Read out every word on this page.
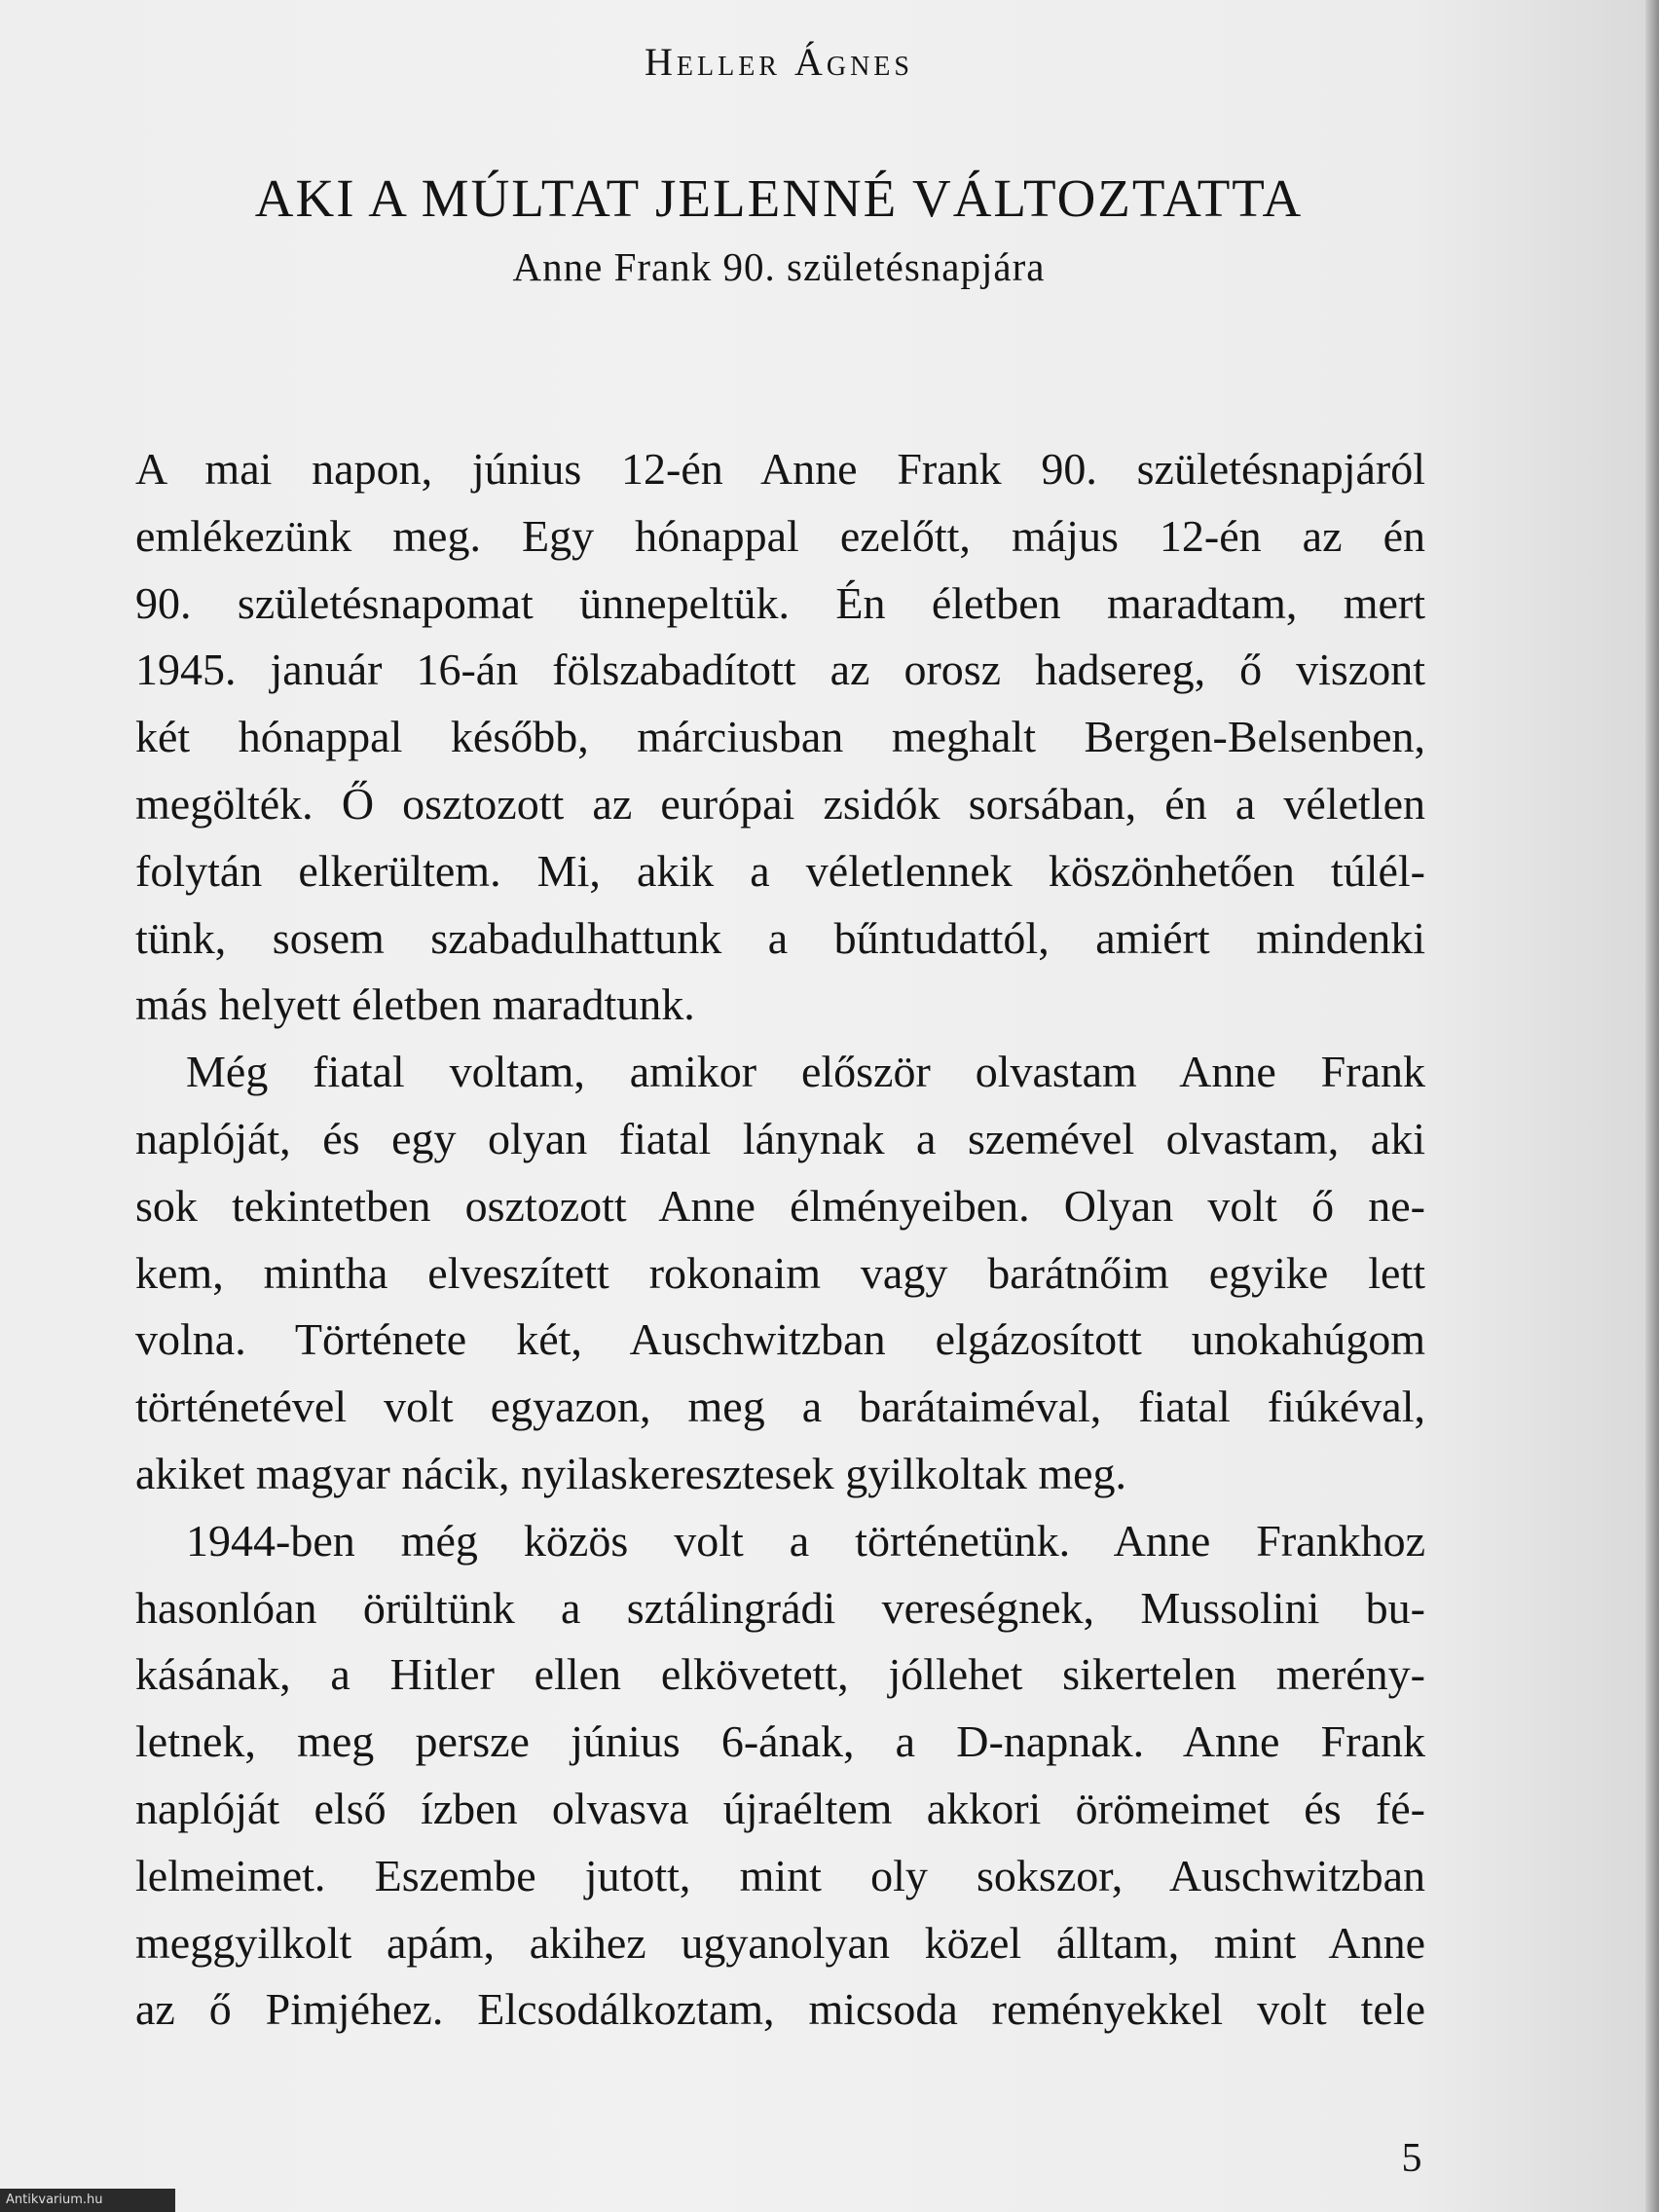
Heller Ágnes
AKI A MÚLTAT JELENNÉ VÁLTOZTATTA
Anne Frank 90. születésnapjára
A mai napon, június 12-én Anne Frank 90. születésnapjáról
emlékezünk meg. Egy hónappal ezelőtt, május 12-én az én
90. születésnapomat ünnepeltük. Én életben maradtam, mert
1945. január 16-án fölszabadított az orosz hadsereg, ő viszont
két hónappal később, márciusban meghalt Bergen-Belsenben,
megölték. Ő osztozott az európai zsidók sorsában, én a véletlen
folytán elkerültem. Mi, akik a véletlennek köszönhetően túlél-
tünk, sosem szabadulhattunk a bűntudattól, amiért mindenki
más helyett életben maradtunk.
Még fiatal voltam, amikor először olvastam Anne Frank
naplóját, és egy olyan fiatal lánynak a szemével olvastam, aki
sok tekintetben osztozott Anne élményeiben. Olyan volt ő ne-
kem, mintha elveszített rokonaim vagy barátnőim egyike lett
volna. Története két, Auschwitzban elgázosított unokahúgom
történetével volt egyazon, meg a barátaiméval, fiatal fiúkéval,
akiket magyar nácik, nyilaskeresztesek gyilkoltak meg.
1944-ben még közös volt a történetünk. Anne Frankhoz
hasonlóan örültünk a sztálingrádi vereségnek, Mussolini bu-
kásának, a Hitler ellen elkövetett, jóllehet sikertelen merény-
letnek, meg persze június 6-ának, a D-napnak. Anne Frank
naplóját első ízben olvasva újraéltem akkori örömeimet és fé-
lelmeimet. Eszembe jutott, mint oly sokszor, Auschwitzban
meggyilkolt apám, akihez ugyanolyan közel álltam, mint Anne
az ő Pimjéhez. Elcsodálkoztam, micsoda reményekkel volt tele
5
Antikvarium.hu
